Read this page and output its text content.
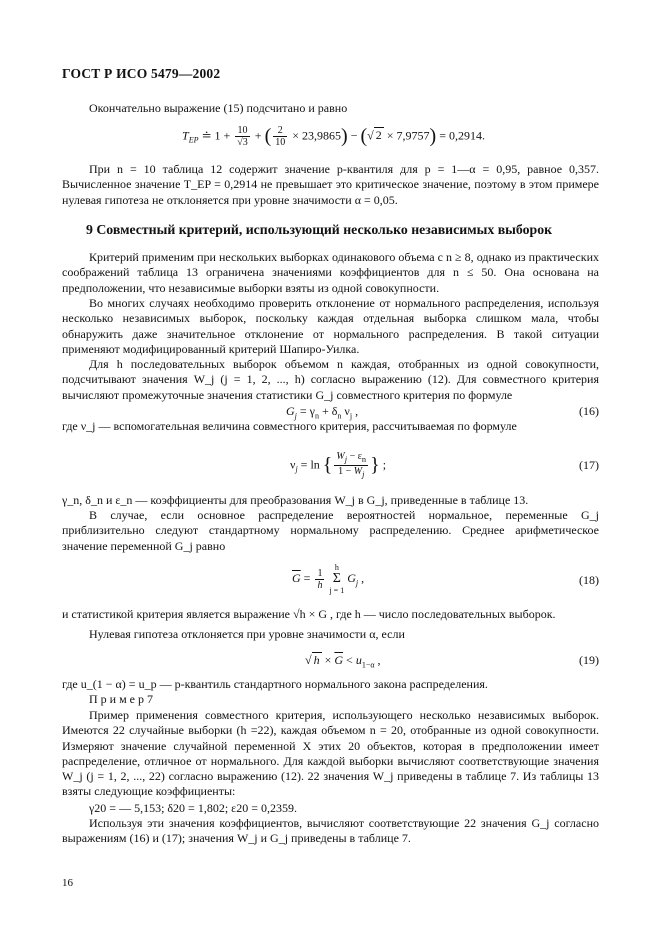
ГОСТ Р ИСО 5479—2002
Окончательно выражение (15) подсчитано и равно
$T_{EP}$ ≐ $1 + \frac{10}{√3}$ + ( $\frac{2}{10} \times 23,9865$) − (√ 2 × 7,9757) = 0,2914.
При n = 10 таблица 12 содержит значение p-квантиля для p = 1—α = 0,95, равное 0,357. Вычисленное значение T_EP = 0,2914 не превышает это критическое значение, поэтому в этом примере нулевая гипотеза не отклоняется при уровне значимости α = 0,05.
9 Совместный критерий, использующий несколько независимых выборок
Критерий применим при нескольких выборках одинакового объема с n ≥ 8, однако из практических соображений таблица 13 ограничена значениями коэффициентов для n ≤ 50. Она основана на предположении, что независимые выборки взяты из одной совокупности.
Во многих случаях необходимо проверить отклонение от нормального распределения, используя несколько независимых выборок, поскольку каждая отдельная выборка слишком мала, чтобы обнаружить даже значительное отклонение от нормального распределения. В такой ситуации применяют модифицированный критерий Шапиро-Уилка.
Для h последовательных выборок объемом n каждая, отобранных из одной совокупности, подсчитывают значения W_j (j = 1, 2, ..., h) согласно выражению (12). Для совместного критерия вычисляют промежуточные значения статистики G_j совместного критерия по формуле
$G_j = \gamma_n + \delta_n$ $\nu_j$ ,	(16)
где ν_j — вспомогательная величина совместного критерия, рассчитываемая по формуле
$\nu_j = \ln$ { $\frac{W_j - \varepsilon_n}{1 - W_j}$ } ;	(17)
γ_n, δ_n и ε_n — коэффициенты для преобразования W_j в G_j, приведенные в таблице 13.
В случае, если основное распределение вероятностей нормальное, переменные G_j приблизительно следуют стандартному нормальному распределению. Среднее арифметическое значение переменной G_j равно
$\overline{G} = \frac{1}{h}$ h
Σ
j = 1 $G_j$ ,	(18)
и статистикой критерия является выражение √h × G , где h — число последовательных выборок.
Нулевая гипотеза отклоняется при уровне значимости α, если
√ $h \times \overline{G} < u_{1-\alpha}$ ,	(19)
где u_(1 − α) = u_p — p-квантиль стандартного нормального закона распределения.
П р и м е р 7
Пример применения совместного критерия, использующего несколько независимых выборок. Имеются 22 случайные выборки (h =22), каждая объемом n = 20, отобранные из одной совокупности. Измеряют значение случайной переменной X этих 20 объектов, которая в предположении имеет распределение, отличное от нормального. Для каждой выборки вычисляют соответствующие значения W_j (j = 1, 2, ..., 22) согласно выражению (12). 22 значения W_j приведены в таблице 7. Из таблицы 13 взяты следующие коэффициенты:
γ20 = — 5,153; δ20 = 1,802; ε20 = 0,2359.
Используя эти значения коэффициентов, вычисляют соответствующие 22 значения G_j согласно выражениям (16) и (17); значения W_j и G_j приведены в таблице 7.
16
